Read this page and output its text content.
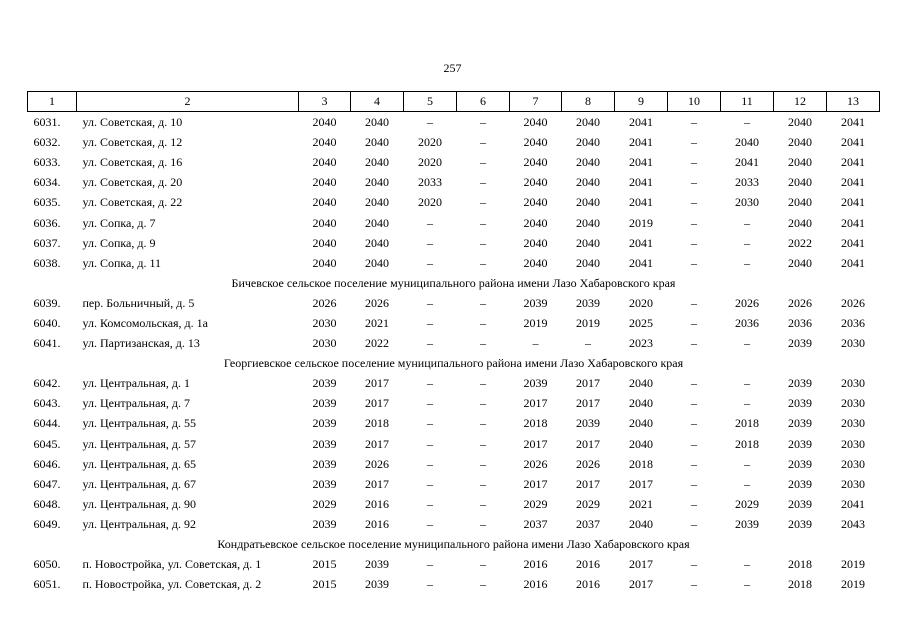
257
1	2	3	4	5	6	7	8	9	10	11	12	13
6031.	ул. Советская, д. 10	2040	2040	–	–	2040	2040	2041	–	–	2040	2041
6032.	ул. Советская, д. 12	2040	2040	2020	–	2040	2040	2041	–	2040	2040	2041
6033.	ул. Советская, д. 16	2040	2040	2020	–	2040	2040	2041	–	2041	2040	2041
6034.	ул. Советская, д. 20	2040	2040	2033	–	2040	2040	2041	–	2033	2040	2041
6035.	ул. Советская, д. 22	2040	2040	2020	–	2040	2040	2041	–	2030	2040	2041
6036.	ул. Сопка, д. 7	2040	2040	–	–	2040	2040	2019	–	–	2040	2041
6037.	ул. Сопка, д. 9	2040	2040	–	–	2040	2040	2041	–	–	2022	2041
6038.	ул. Сопка, д. 11	2040	2040	–	–	2040	2040	2041	–	–	2040	2041
Бичевское сельское поселение муниципального района имени Лазо Хабаровского края												
6039.	пер. Больничный, д. 5	2026	2026	–	–	2039	2039	2020	–	2026	2026	2026
6040.	ул. Комсомольская, д. 1а	2030	2021	–	–	2019	2019	2025	–	2036	2036	2036
6041.	ул. Партизанская, д. 13	2030	2022	–	–	–	–	2023	–	–	2039	2030
Георгиевское сельское поселение муниципального района имени Лазо Хабаровского края												
6042.	ул. Центральная, д. 1	2039	2017	–	–	2039	2017	2040	–	–	2039	2030
6043.	ул. Центральная, д. 7	2039	2017	–	–	2017	2017	2040	–	–	2039	2030
6044.	ул. Центральная, д. 55	2039	2018	–	–	2018	2039	2040	–	2018	2039	2030
6045.	ул. Центральная, д. 57	2039	2017	–	–	2017	2017	2040	–	2018	2039	2030
6046.	ул. Центральная, д. 65	2039	2026	–	–	2026	2026	2018	–	–	2039	2030
6047.	ул. Центральная, д. 67	2039	2017	–	–	2017	2017	2017	–	–	2039	2030
6048.	ул. Центральная, д. 90	2029	2016	–	–	2029	2029	2021	–	2029	2039	2041
6049.	ул. Центральная, д. 92	2039	2016	–	–	2037	2037	2040	–	2039	2039	2043
Кондратьевское сельское поселение муниципального района имени Лазо Хабаровского края												
6050.	п. Новостройка, ул. Советская, д. 1	2015	2039	–	–	2016	2016	2017	–	–	2018	2019
6051.	п. Новостройка, ул. Советская, д. 2	2015	2039	–	–	2016	2016	2017	–	–	2018	2019
